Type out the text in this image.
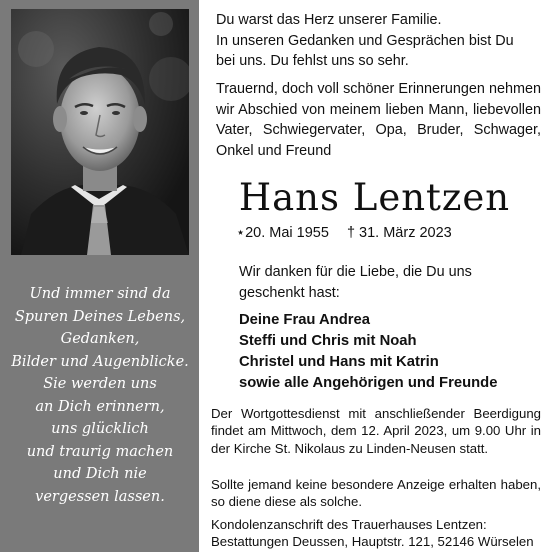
Und immer sind da
Spuren Deines Lebens,
Gedanken,
Bilder und Augenblicke.
Sie werden uns
an Dich erinnern,
uns glücklich
und traurig machen
und Dich nie
vergessen lassen.
Du warst das Herz unserer Familie.
In unseren Gedanken und Gesprächen bist Du
bei uns. Du fehlst uns so sehr.
Trauernd, doch voll schöner Erinnerungen nehmen wir Abschied von meinem lieben Mann, liebevollen Vater, Schwiegervater, Opa, Bruder, Schwager, Onkel und Freund
Hans Lentzen
⋆20. Mai 1955 † 31. März 2023
Wir danken für die Liebe, die Du uns
geschenkt hast:
Deine Frau Andrea
Steffi und Chris mit Noah
Christel und Hans mit Katrin
sowie alle Angehörigen und Freunde
Der Wortgottesdienst mit anschließender Beerdigung findet am Mittwoch, dem 12. April 2023, um 9.00 Uhr in der Kirche St. Nikolaus zu Linden-Neusen statt.
Sollte jemand keine besondere Anzeige erhalten haben, so diene diese als solche.
Kondolenzanschrift des Trauerhauses Lentzen:
Bestattungen Deussen, Hauptstr. 121, 52146 Würselen
